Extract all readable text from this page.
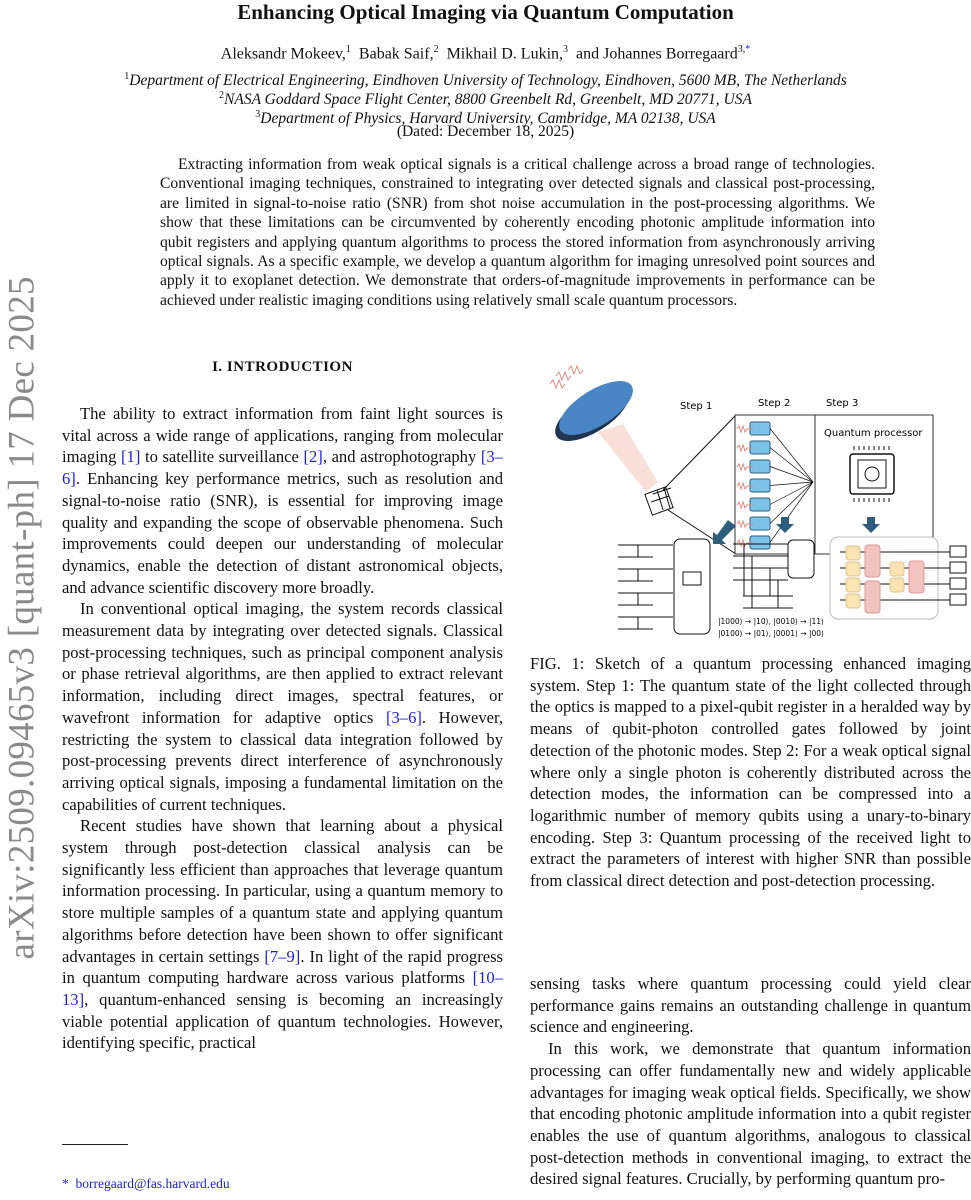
Enhancing Optical Imaging via Quantum Computation
Aleksandr Mokeev,$^1$ Babak Saif,$^2$ Mikhail D. Lukin,$^3$ and Johannes Borregaard$^{3,*}$
$^1$Department of Electrical Engineering, Eindhoven University of Technology, Eindhoven, 5600 MB, The Netherlands
$^2$NASA Goddard Space Flight Center, 8800 Greenbelt Rd, Greenbelt, MD 20771, USA
$^3$Department of Physics, Harvard University, Cambridge, MA 02138, USA
(Dated: December 18, 2025)
Extracting information from weak optical signals is a critical challenge across a broad range of technologies. Conventional imaging techniques, constrained to integrating over detected signals and classical post-processing, are limited in signal-to-noise ratio (SNR) from shot noise accumulation in the post-processing algorithms. We show that these limitations can be circumvented by coherently encoding photonic amplitude information into qubit registers and applying quantum algorithms to process the stored information from asynchronously arriving optical signals. As a specific example, we develop a quantum algorithm for imaging unresolved point sources and apply it to exoplanet detection. We demonstrate that orders-of-magnitude improvements in performance can be achieved under realistic imaging conditions using relatively small scale quantum processors.
arXiv:2509.09465v3 [quant-ph] 17 Dec 2025	I. INTRODUCTION

The ability to extract information from faint light sources is vital across a wide range of applications, ranging from molecular imaging [1] to satellite surveillance [2], and astrophotography [3–6]. Enhancing key performance metrics, such as resolution and signal-to-noise ratio (SNR), is essential for improving image quality and expanding the scope of observable phenomena. Such improvements could deepen our understanding of molecular dynamics, enable the detection of distant astronomical objects, and advance scientific discovery more broadly.

In conventional optical imaging, the system records classical measurement data by integrating over detected signals. Classical post-processing techniques, such as principal component analysis or phase retrieval algorithms, are then applied to extract relevant information, including direct images, spectral features, or wavefront information for adaptive optics [3–6]. However, restricting the system to classical data integration followed by post-processing prevents direct interference of asynchronously arriving optical signals, imposing a fundamental limitation on the capabilities of current techniques.

Recent studies have shown that learning about a physical system through post-detection classical analysis can be significantly less efficient than approaches that leverage quantum information processing. In particular, using a quantum memory to store multiple samples of a quantum state and applying quantum algorithms before detection have been shown to offer significant advantages in certain settings [7–9]. In light of the rapid progress in quantum computing hardware across various platforms [10–13], quantum-enhanced sensing is becoming an increasingly viable potential application of quantum technologies. However, identifying specific, practical

Step 1	Step 2	Step 3
Quantum processor
|1000⟩ → |10⟩, |0010⟩ → |11⟩
|0100⟩ → |01⟩, |0001⟩ → |00⟩
FIG. 1: Sketch of a quantum processing enhanced imaging system. Step 1: The quantum state of the light collected through the optics is mapped to a pixel-qubit register in a heralded way by means of qubit-photon controlled gates followed by joint detection of the photonic modes. Step 2: For a weak optical signal where only a single photon is coherently distributed across the detection modes, the information can be compressed into a logarithmic number of memory qubits using a unary-to-binary encoding. Step 3: Quantum processing of the received light to extract the parameters of interest with higher SNR than possible from classical direct detection and post-detection processing.

sensing tasks where quantum processing could yield clear performance gains remains an outstanding challenge in quantum science and engineering.

In this work, we demonstrate that quantum information processing can offer fundamentally new and widely applicable advantages for imaging weak optical fields. Specifically, we show that encoding photonic amplitude information into a qubit register enables the use of quantum algorithms, analogous to classical post-detection methods in conventional imaging, to extract the desired signal features. Crucially, by performing quantum pro-

* borregaard@fas.harvard.edu
